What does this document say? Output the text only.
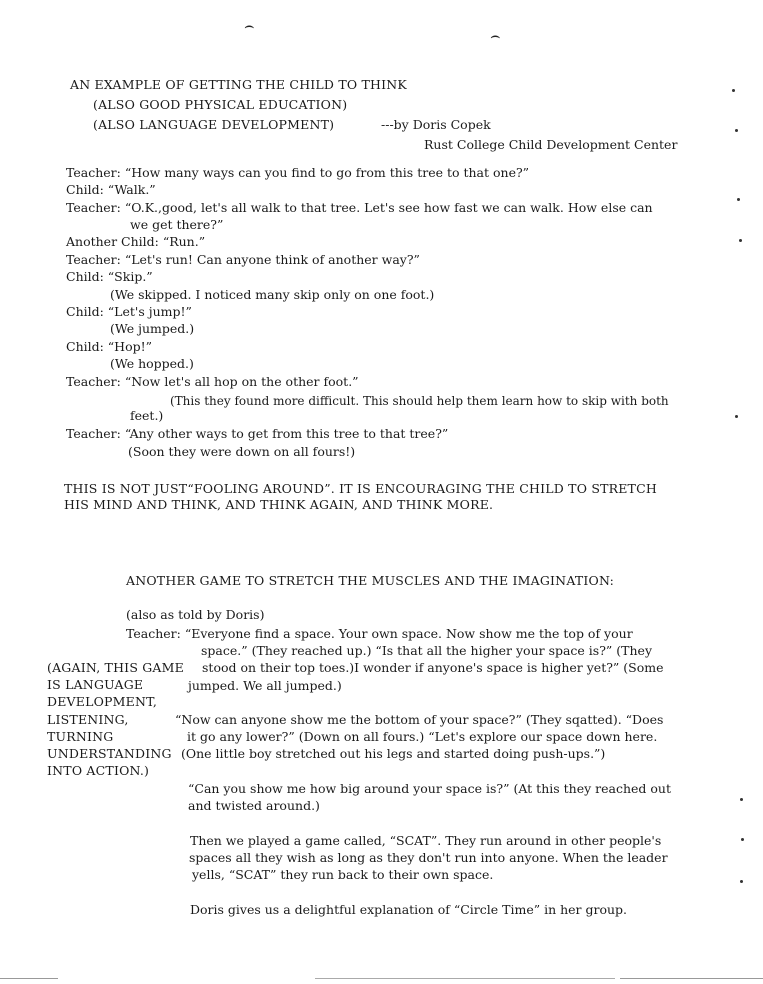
⌢
⌢
AN EXAMPLE OF GETTING THE CHILD TO THINK
(ALSO GOOD PHYSICAL EDUCATION)
(ALSO LANGUAGE DEVELOPMENT)	---by Doris Copek
Rust College Child Development Center
Teacher: “How many ways can you find to go from this tree to that one?”
Child: “Walk.”
Teacher: “O.K.,good, let's all walk to that tree. Let's see how fast we can walk. How else can
we get there?”
Another Child: “Run.”
Teacher: “Let's run! Can anyone think of another way?”
Child: “Skip.”
(We skipped. I noticed many skip only on one foot.)
Child: “Let's jump!”
(We jumped.)
Child: “Hop!”
(We hopped.)
Teacher: “Now let's all hop on the other foot.”
(This they found more difficult. This should help them learn how to skip with both
feet.)
Teacher: “Any other ways to get from this tree to that tree?”
(Soon they were down on all fours!)
THIS IS NOT JUST“FOOLING AROUND”. IT IS ENCOURAGING THE CHILD TO STRETCH
HIS MIND AND THINK, AND THINK AGAIN, AND THINK MORE.
ANOTHER GAME TO STRETCH THE MUSCLES AND THE IMAGINATION:
(also as told by Doris)
Teacher: “Everyone find a space. Your own space. Now show me the top of your
space.” (They reached up.) “Is that all the higher your space is?” (They
stood on their top toes.)I wonder if anyone's space is higher yet?” (Some
jumped. We all jumped.)
“Now can anyone show me the bottom of your space?” (They sqatted). “Does
it go any lower?” (Down on all fours.) “Let's explore our space down here.
(One little boy stretched out his legs and started doing push-ups.”)
“Can you show me how big around your space is?” (At this they reached out
and twisted around.)
Then we played a game called, “SCAT”. They run around in other people's
spaces all they wish as long as they don't run into anyone. When the leader
yells, “SCAT” they run back to their own space.
Doris gives us a delightful explanation of “Circle Time” in her group.
(AGAIN, THIS GAME
IS LANGUAGE
DEVELOPMENT,
LISTENING,
TURNING
UNDERSTANDING
INTO ACTION.)
